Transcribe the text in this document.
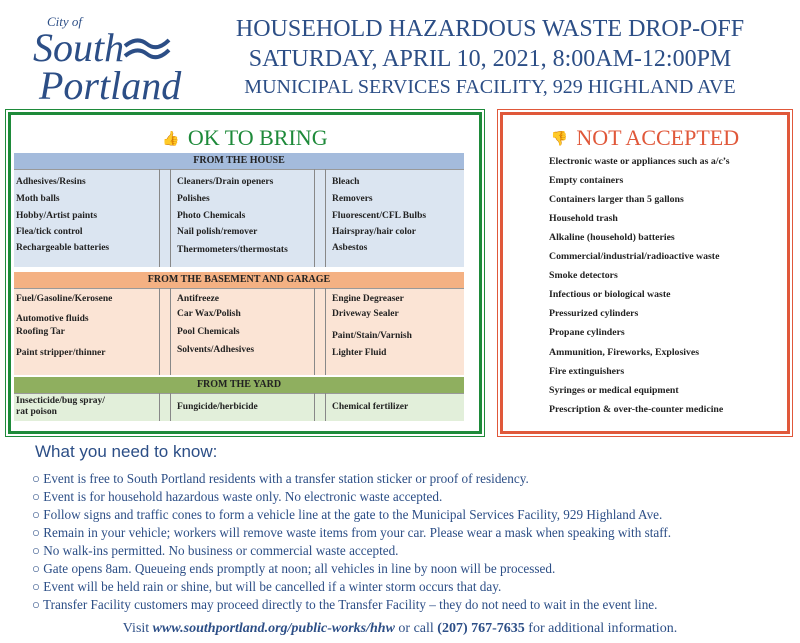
City of
South
Portland
HOUSEHOLD HAZARDOUS WASTE DROP-OFF
SATURDAY, APRIL 10, 2021, 8:00AM-12:00PM
MUNICIPAL SERVICES FACILITY, 929 HIGHLAND AVE
👍 OK TO BRING
FROM THE HOUSE
Adhesives/Resins	Cleaners/Drain openers	Bleach
Moth balls	Polishes	Removers
Hobby/Artist paints	Photo Chemicals	Fluorescent/CFL Bulbs
Flea/tick control	Nail polish/remover	Hairspray/hair color
Rechargeable batteries	Thermometers/thermostats	Asbestos
FROM THE BASEMENT AND GARAGE
Fuel/Gasoline/Kerosene	Antifreeze	Engine Degreaser
Automotive fluids	Car Wax/Polish	Driveway Sealer
Roofing Tar	Pool Chemicals	Paint/Stain/Varnish
Paint stripper/thinner	Solvents/Adhesives	Lighter Fluid
FROM THE YARD
Insecticide/bug spray/
rat poison	Fungicide/herbicide	Chemical fertilizer
👎 NOT ACCEPTED
Electronic waste or appliances such as a/c’s
Empty containers
Containers larger than 5 gallons
Household trash
Alkaline (household) batteries
Commercial/industrial/radioactive waste
Smoke detectors
Infectious or biological waste
Pressurized cylinders
Propane cylinders
Ammunition, Fireworks, Explosives
Fire extinguishers
Syringes or medical equipment
Prescription & over-the-counter medicine
What you need to know:
○ Event is free to South Portland residents with a transfer station sticker or proof of residency.
○ Event is for household hazardous waste only. No electronic waste accepted.
○ Follow signs and traffic cones to form a vehicle line at the gate to the Municipal Services Facility, 929 Highland Ave.
○ Remain in your vehicle; workers will remove waste items from your car. Please wear a mask when speaking with staff.
○ No walk-ins permitted. No business or commercial waste accepted.
○ Gate opens 8am. Queueing ends promptly at noon; all vehicles in line by noon will be processed.
○ Event will be held rain or shine, but will be cancelled if a winter storm occurs that day.
○ Transfer Facility customers may proceed directly to the Transfer Facility – they do not need to wait in the event line.
Visit www.southportland.org/public-works/hhw or call (207) 767-7635 for additional information.
